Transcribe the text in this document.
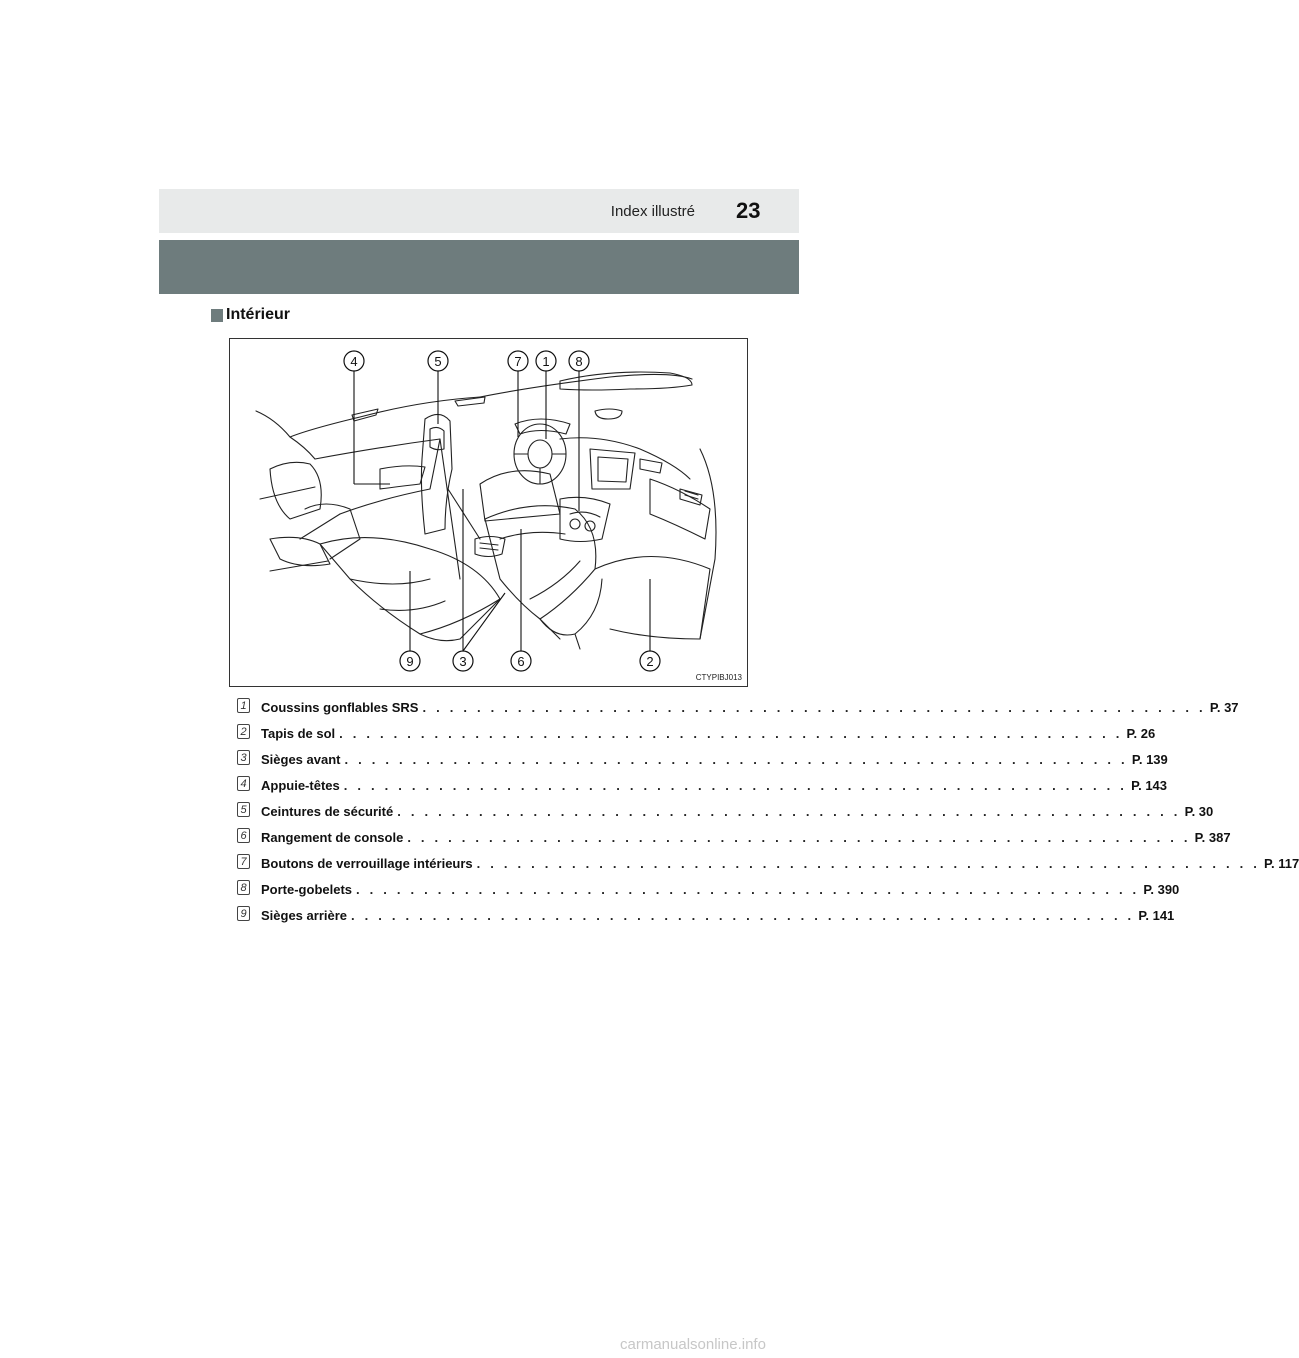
Index illustré 23
Intérieur
4	5	7 1 8
9	3	6	2
CTYPIBJ013
1 Coussins gonflables SRS . . . . . . . . . . . . . . . . . . . . . . . . . . . . . . . . . . . . . . . . . . . . . . . . . . . . . . . . . . P. 37
2 Tapis de sol . . . . . . . . . . . . . . . . . . . . . . . . . . . . . . . . . . . . . . . . . . . . . . . . . . . . . . . . . . P. 26
3 Sièges avant . . . . . . . . . . . . . . . . . . . . . . . . . . . . . . . . . . . . . . . . . . . . . . . . . . . . . . . . . . P. 139
4 Appuie-têtes . . . . . . . . . . . . . . . . . . . . . . . . . . . . . . . . . . . . . . . . . . . . . . . . . . . . . . . . . . P. 143
5 Ceintures de sécurité . . . . . . . . . . . . . . . . . . . . . . . . . . . . . . . . . . . . . . . . . . . . . . . . . . . . . . . . . . P. 30
6 Rangement de console . . . . . . . . . . . . . . . . . . . . . . . . . . . . . . . . . . . . . . . . . . . . . . . . . . . . . . . . . . P. 387
7 Boutons de verrouillage intérieurs . . . . . . . . . . . . . . . . . . . . . . . . . . . . . . . . . . . . . . . . . . . . . . . . . . . . . . . . . . P. 117
8 Porte-gobelets . . . . . . . . . . . . . . . . . . . . . . . . . . . . . . . . . . . . . . . . . . . . . . . . . . . . . . . . . . P. 390
9 Sièges arrière . . . . . . . . . . . . . . . . . . . . . . . . . . . . . . . . . . . . . . . . . . . . . . . . . . . . . . . . . . P. 141
carmanualsonline.info
